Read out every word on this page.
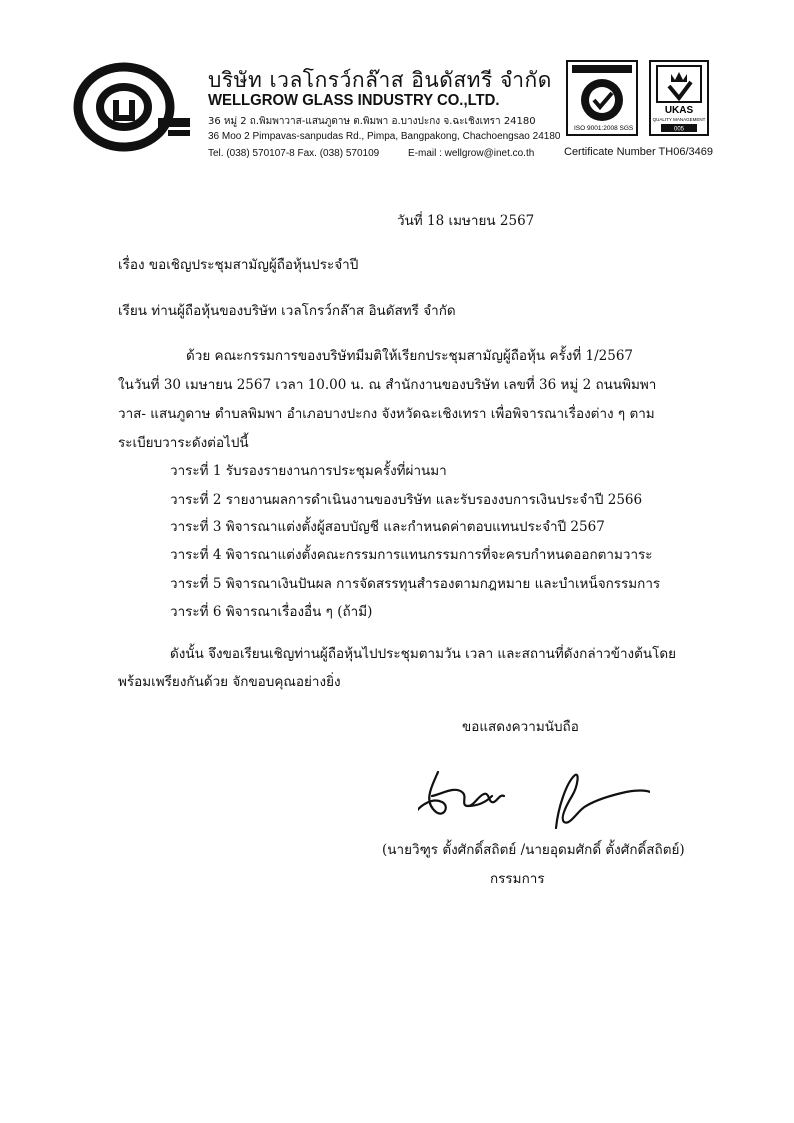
บริษัท เวลโกรว์กล๊าส อินดัสทรี จำกัด
WELLGROW GLASS INDUSTRY CO.,LTD.
36 หมู่ 2 ถ.พิมพาวาส-แสนภูดาษ ต.พิมพา อ.บางปะกง จ.ฉะเชิงเทรา 24180
36 Moo 2 Pimpavas-sanpudas Rd., Pimpa, Bangpakong, Chachoengsao 24180
Tel. (038) 570107-8 Fax. (038) 570109	E-mail : wellgrow@inet.co.th
ISO 9001:2008 SGS
UKAS
QUALITY MANAGEMENT
005
Certificate Number TH06/3469
วันที่ 18 เมษายน 2567
เรื่อง ขอเชิญประชุมสามัญผู้ถือหุ้นประจำปี
เรียน ท่านผู้ถือหุ้นของบริษัท เวลโกรว์กล๊าส อินดัสทรี จำกัด
ด้วย คณะกรรมการของบริษัทมีมติให้เรียกประชุมสามัญผู้ถือหุ้น ครั้งที่ 1/2567
ในวันที่ 30 เมษายน 2567 เวลา 10.00 น. ณ สำนักงานของบริษัท เลขที่ 36 หมู่ 2 ถนนพิมพา
วาส- แสนภูดาษ ตำบลพิมพา อำเภอบางปะกง จังหวัดฉะเชิงเทรา เพื่อพิจารณาเรื่องต่าง ๆ ตาม
ระเบียบวาระดังต่อไปนี้
วาระที่ 1 รับรองรายงานการประชุมครั้งที่ผ่านมา
วาระที่ 2 รายงานผลการดำเนินงานของบริษัท และรับรองงบการเงินประจำปี 2566
วาระที่ 3 พิจารณาแต่งตั้งผู้สอบบัญชี และกำหนดค่าตอบแทนประจำปี 2567
วาระที่ 4 พิจารณาแต่งตั้งคณะกรรมการแทนกรรมการที่จะครบกำหนดออกตามวาระ
วาระที่ 5 พิจารณาเงินปันผล การจัดสรรทุนสำรองตามกฎหมาย และบำเหน็จกรรมการ
วาระที่ 6 พิจารณาเรื่องอื่น ๆ (ถ้ามี)
ดังนั้น จึงขอเรียนเชิญท่านผู้ถือหุ้นไปประชุมตามวัน เวลา และสถานที่ดังกล่าวข้างต้นโดย
พร้อมเพรียงกันด้วย จักขอบคุณอย่างยิ่ง
ขอแสดงความนับถือ
(นายวิฑูร ตั้งศักดิ์สถิตย์ /นายอุดมศักดิ์ ตั้งศักดิ์สถิตย์)
กรรมการ
